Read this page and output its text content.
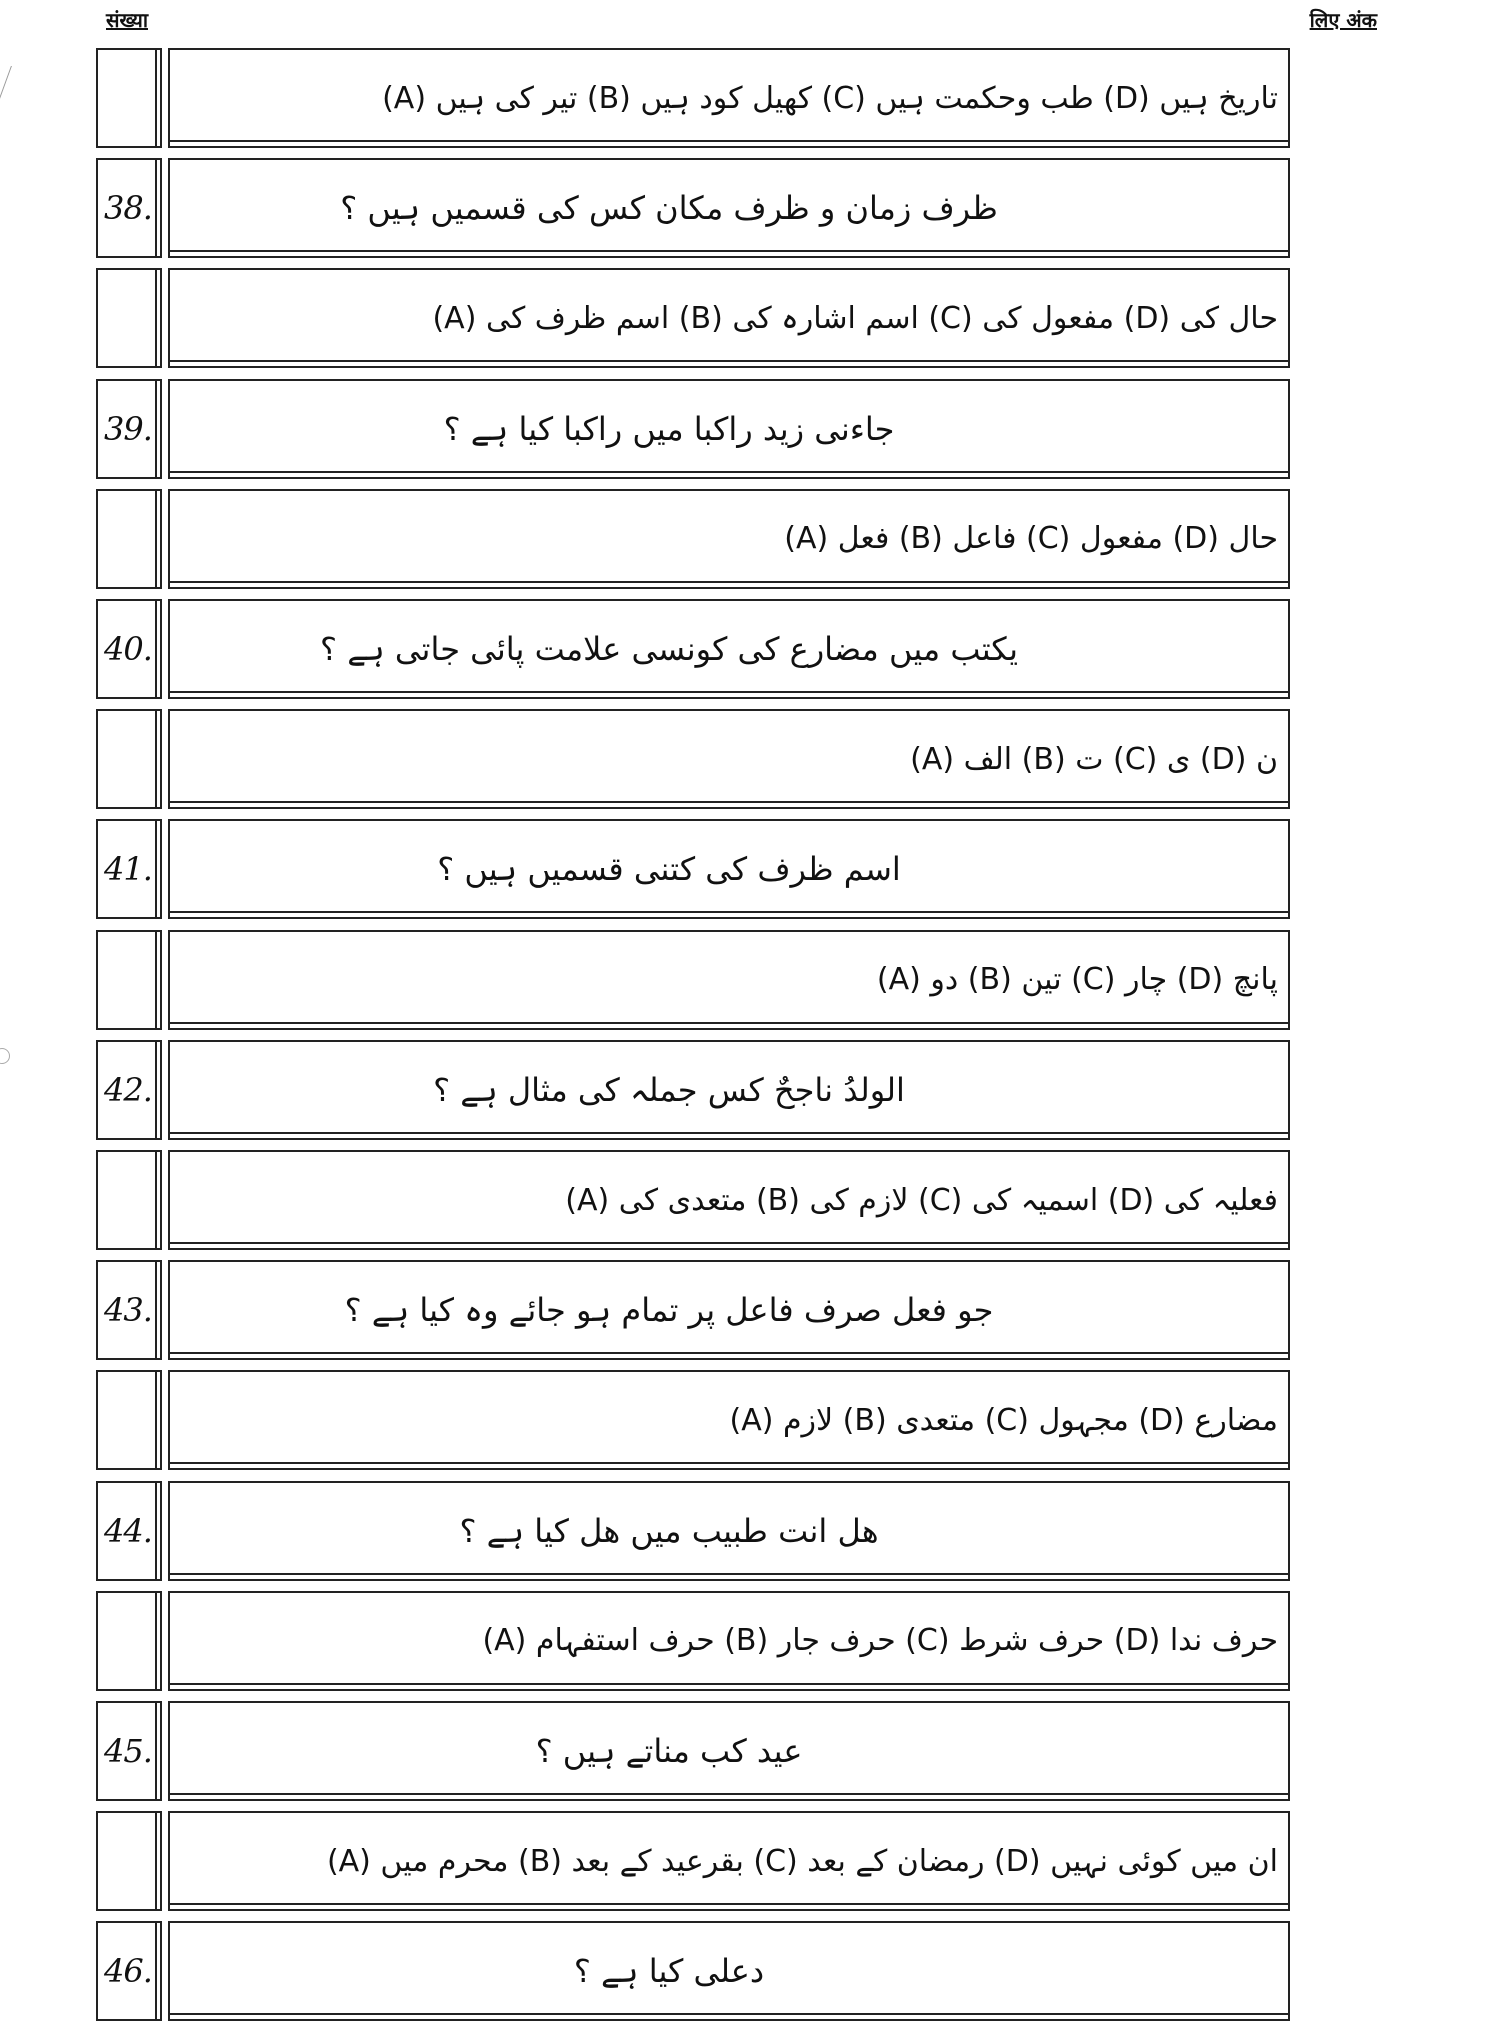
संख्या	लिए अंक
(A) تیر کی ہیں (B) کھیل کود ہیں (C) طب وحکمت ہیں (D) تاریخ ہیں
38.	ظرف زمان و ظرف مکان کس کی قسمیں ہیں ؟
(A) اسم ظرف کی (B) اسم اشارہ کی (C) مفعول کی (D) حال کی
39.	جاءنی زید راکبا میں راکبا کیا ہے ؟
(A) فعل (B) فاعل (C) مفعول (D) حال
40.	یکتب میں مضارع کی کونسی علامت پائی جاتی ہے ؟
(A) الف (B) ت (C) ی (D) ن
41.	اسم ظرف کی کتنی قسمیں ہیں ؟
(A) دو (B) تین (C) چار (D) پانچ
42.	الولدُ ناجحٌ کس جملہ کی مثال ہے ؟
(A) متعدی کی (B) لازم کی (C) اسمیہ کی (D) فعلیہ کی
43.	جو فعل صرف فاعل پر تمام ہو جائے وہ کیا ہے ؟
(A) لازم (B) متعدی (C) مجہول (D) مضارع
44.	ھل انت طبیب میں ھل کیا ہے ؟
(A) حرف استفہام (B) حرف جار (C) حرف شرط (D) حرف ندا
45.	عید کب مناتے ہیں ؟
(A) محرم میں (B) بقرعید کے بعد (C) رمضان کے بعد (D) ان میں کوئی نہیں
46.	دعلی کیا ہے ؟
